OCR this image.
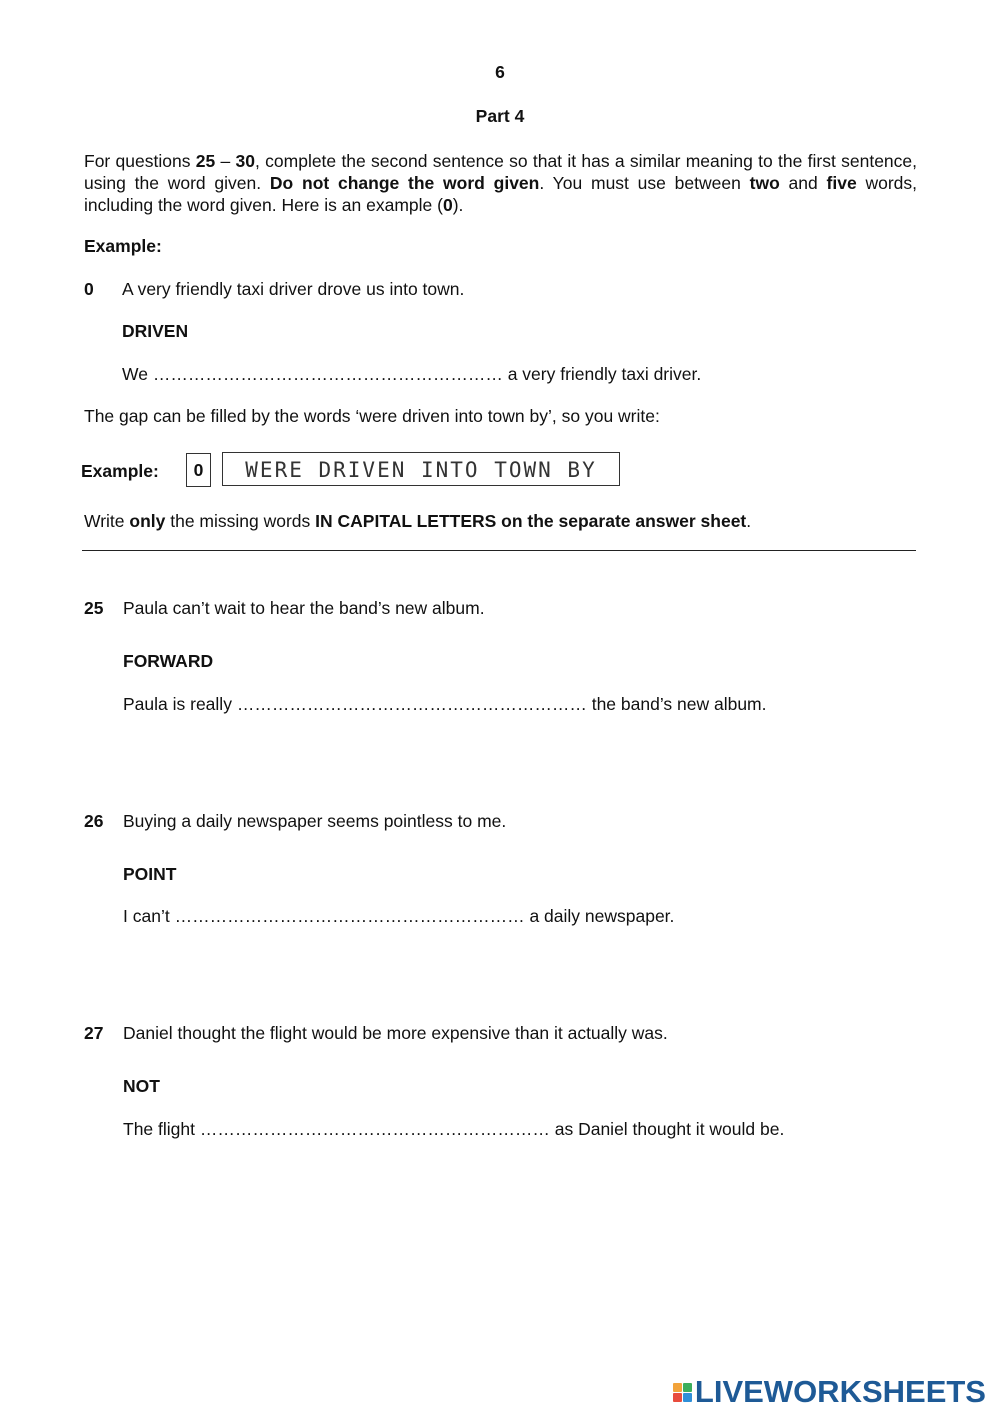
6
Part 4
For questions 25 – 30, complete the second sentence so that it has a similar meaning to the first sentence, using the word given. Do not change the word given. You must use between two and five words, including the word given. Here is an example (0).
Example:
0 A very friendly taxi driver drove us into town.
DRIVEN
We …………………………………………………… a very friendly taxi driver.
The gap can be filled by the words ‘were driven into town by’, so you write:
Example:	0	WERE DRIVEN INTO TOWN BY
Write only the missing words IN CAPITAL LETTERS on the separate answer sheet.
25 Paula can’t wait to hear the band’s new album.
FORWARD
Paula is really …………………………………………………… the band’s new album.
26 Buying a daily newspaper seems pointless to me.
POINT
I can’t …………………………………………………… a daily newspaper.
27 Daniel thought the flight would be more expensive than it actually was.
NOT
The flight …………………………………………………… as Daniel thought it would be.
LIVEWORKSHEETS
